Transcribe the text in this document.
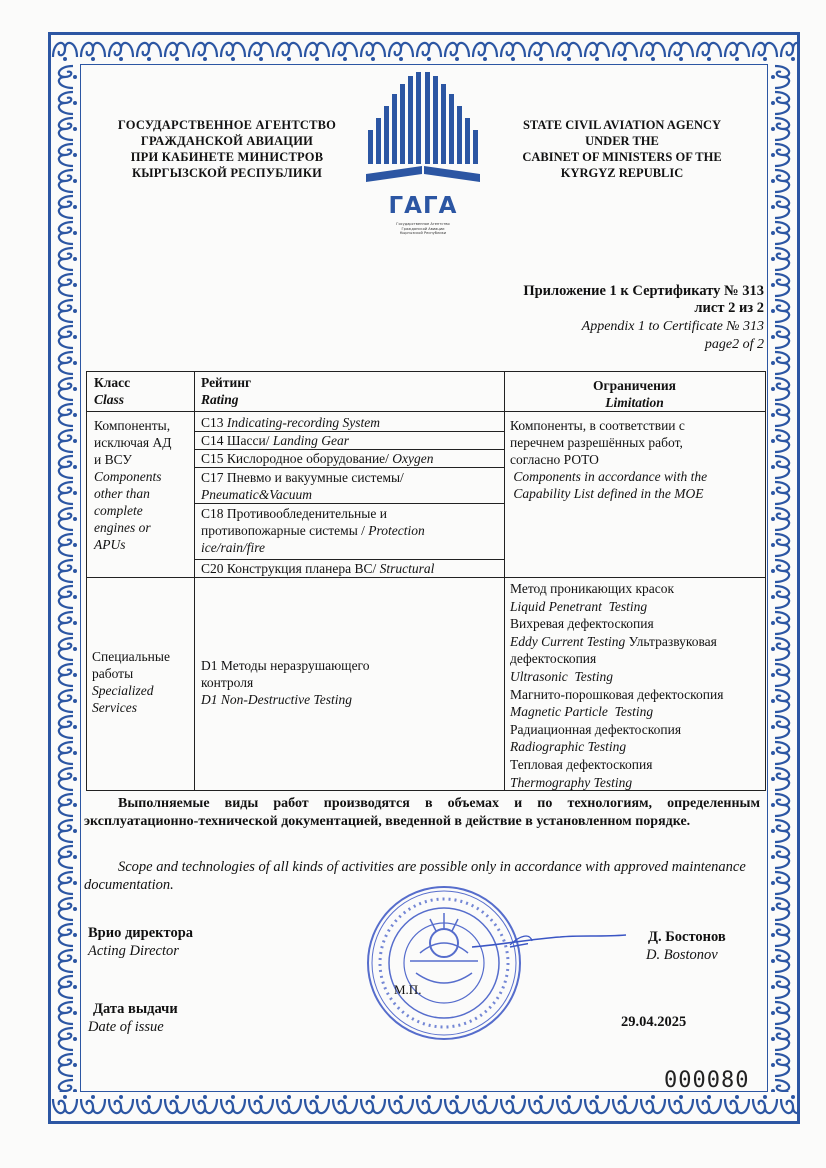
ГОСУДАРСТВЕННОЕ АГЕНТСТВО
ГРАЖДАНСКОЙ АВИАЦИИ
ПРИ КАБИНЕТЕ МИНИСТРОВ
КЫРГЫЗСКОЙ РЕСПУБЛИКИ
ГАГА
Государственное Агентство
Гражданской Авиации
Кыргызской Республики
STATE CIVIL AVIATION AGENCY
UNDER THE
CABINET OF MINISTERS OF THE
KYRGYZ REPUBLIC
Приложение 1 к Сертификату № 313
лист 2 из 2
Appendix 1 to Certificate № 313
page2 of 2
Класс
Class
Рейтинг
Rating
Ограничения
Limitation
Компоненты,
исключая АД
и ВСУ
Components
other than
complete
engines or
APUs
C13 Indicating-recording System
C14 Шасси/ Landing Gear
C15 Кислородное оборудование/ Oxygen
C17 Пневмо и вакуумные системы/
Pneumatic&Vacuum
C18 Противообледенительные и
противопожарные системы / Protection
ice/rain/fire
C20 Конструкция планера ВС/ Structural
Компоненты, в соответствии с
перечнем разрешённых работ,
согласно РОТО
Components in accordance with the
Capability List defined in the MOE
Специальные
работы
Specialized
Services
D1 Методы неразрушающего
контроля
D1 Non-Destructive Testing
Метод проникающих красок
Liquid Penetrant  Testing
Вихревая дефектоскопия
Eddy Current Testing Ультразвуковая
дефектоскопия
Ultrasonic  Testing
Магнито-порошковая дефектоскопия
Magnetic Particle  Testing
Радиационная дефектоскопия
Radiographic Testing
Тепловая дефектоскопия
Thermography Testing
Выполняемые виды работ производятся в объемах и по технологиям, определенным эксплуатационно-технической документацией, введенной в действие в установленном порядке.
Scope and technologies of all kinds of activities are possible only in accordance with approved maintenance documentation.
Врио директора
Acting Director
Дата выдачи
Date of issue
Д. Бостонов
D. Bostonov
29.04.2025
М.П.
000080
